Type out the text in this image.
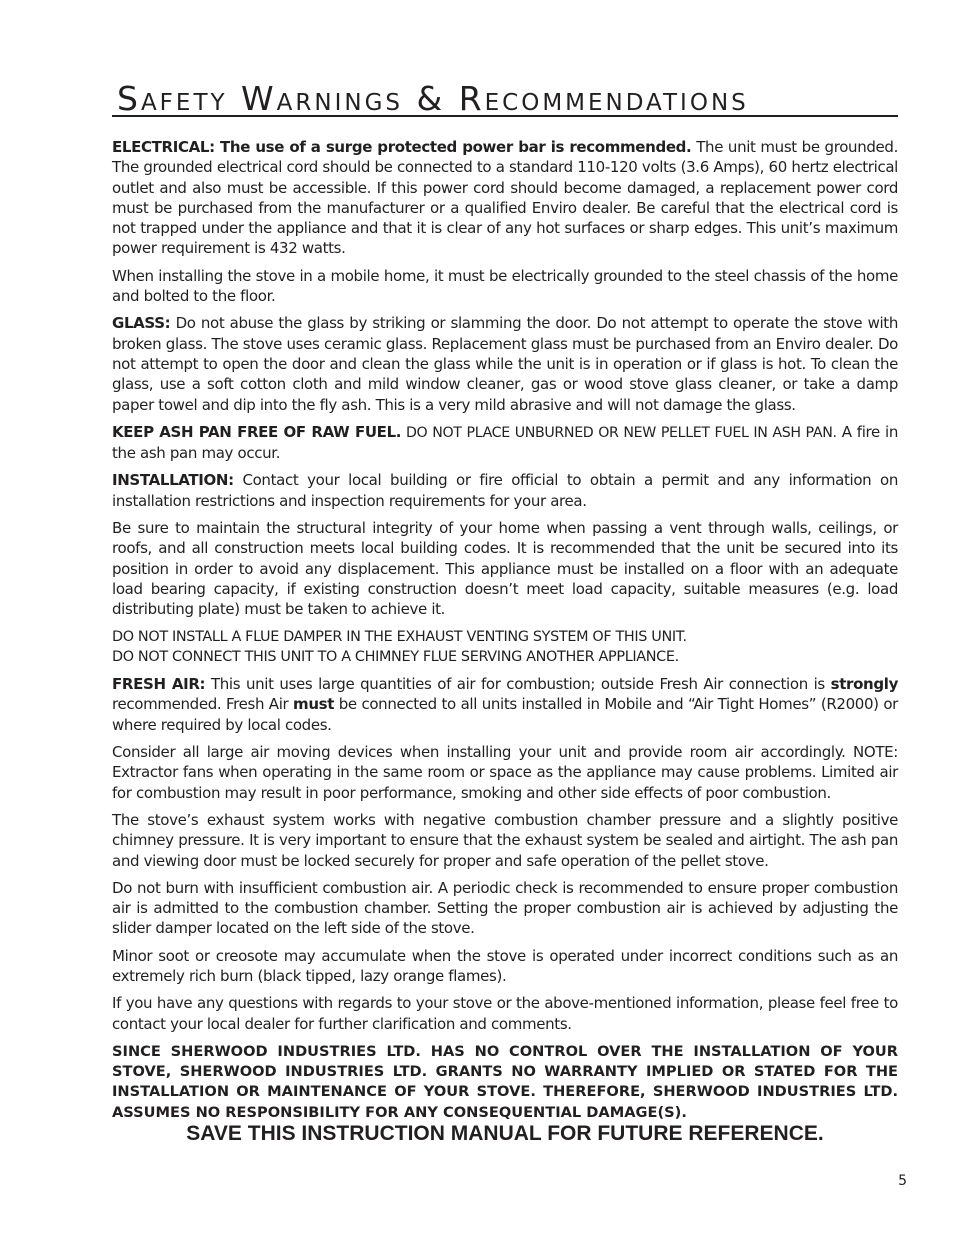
Safety Warnings & Recommendations

ELECTRICAL: The use of a surge protected power bar is recommended. The unit must be grounded. The grounded electrical cord should be connected to a standard 110-120 volts (3.6 Amps), 60 hertz electrical outlet and also must be accessible. If this power cord should become damaged, a replacement power cord must be purchased from the manufacturer or a qualified Enviro dealer. Be careful that the electrical cord is not trapped under the appliance and that it is clear of any hot surfaces or sharp edges. This unit’s maximum power requirement is 432 watts.

When installing the stove in a mobile home, it must be electrically grounded to the steel chassis of the home and bolted to the floor.

GLASS: Do not abuse the glass by striking or slamming the door. Do not attempt to operate the stove with broken glass. The stove uses ceramic glass. Replacement glass must be purchased from an Enviro dealer. Do not attempt to open the door and clean the glass while the unit is in operation or if glass is hot. To clean the glass, use a soft cotton cloth and mild window cleaner, gas or wood stove glass cleaner, or take a damp paper towel and dip into the fly ash. This is a very mild abrasive and will not damage the glass.

KEEP ASH PAN FREE OF RAW FUEL. DO NOT PLACE UNBURNED OR NEW PELLET FUEL IN ASH PAN. A fire in the ash pan may occur.

INSTALLATION: Contact your local building or fire official to obtain a permit and any information on installation restrictions and inspection requirements for your area.

Be sure to maintain the structural integrity of your home when passing a vent through walls, ceilings, or roofs, and all construction meets local building codes. It is recommended that the unit be secured into its position in order to avoid any displacement. This appliance must be installed on a floor with an adequate load bearing capacity, if existing construction doesn’t meet load capacity, suitable measures (e.g. load distributing plate) must be taken to achieve it.

DO NOT INSTALL A FLUE DAMPER IN THE EXHAUST VENTING SYSTEM OF THIS UNIT.
DO NOT CONNECT THIS UNIT TO A CHIMNEY FLUE SERVING ANOTHER APPLIANCE.

FRESH AIR: This unit uses large quantities of air for combustion; outside Fresh Air connection is strongly recommended. Fresh Air must be connected to all units installed in Mobile and “Air Tight Homes” (R2000) or where required by local codes.

Consider all large air moving devices when installing your unit and provide room air accordingly. NOTE: Extractor fans when operating in the same room or space as the appliance may cause problems. Limited air for combustion may result in poor performance, smoking and other side effects of poor combustion.

The stove’s exhaust system works with negative combustion chamber pressure and a slightly positive chimney pressure. It is very important to ensure that the exhaust system be sealed and airtight. The ash pan and viewing door must be locked securely for proper and safe operation of the pellet stove.

Do not burn with insufficient combustion air. A periodic check is recommended to ensure proper combustion air is admitted to the combustion chamber. Setting the proper combustion air is achieved by adjusting the slider damper located on the left side of the stove.

Minor soot or creosote may accumulate when the stove is operated under incorrect conditions such as an extremely rich burn (black tipped, lazy orange flames).

If you have any questions with regards to your stove or the above-mentioned information, please feel free to contact your local dealer for further clarification and comments.

SINCE SHERWOOD INDUSTRIES LTD. HAS NO CONTROL OVER THE INSTALLATION OF YOUR STOVE, SHERWOOD INDUSTRIES LTD. GRANTS NO WARRANTY IMPLIED OR STATED FOR THE INSTALLATION OR MAINTENANCE OF YOUR STOVE. THEREFORE, SHERWOOD INDUSTRIES LTD. ASSUMES NO RESPONSIBILITY FOR ANY CONSEQUENTIAL DAMAGE(S).

SAVE THIS INSTRUCTION MANUAL FOR FUTURE REFERENCE.
5
